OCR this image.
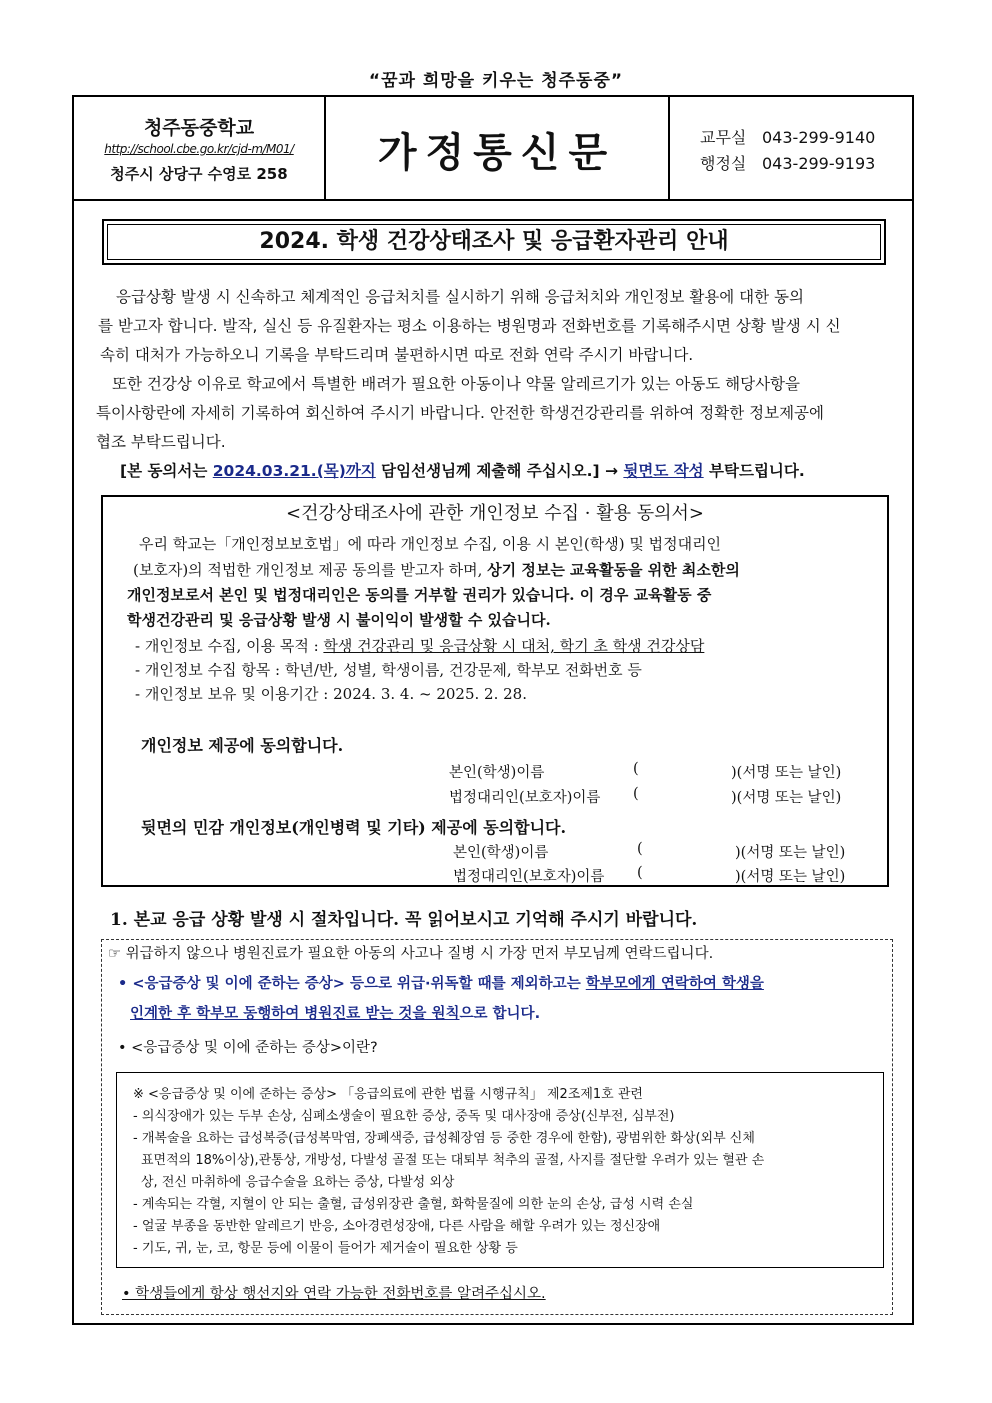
“꿈과 희망을 키우는 청주동중”
청주동중학교
http://school.cbe.go.kr/cjd-m/M01/
청주시 상당구 수영로 258	가정통신문	교무실 043-299-9140
행정실 043-299-9193
2024. 학생 건강상태조사 및 응급환자관리 안내
응급상황 발생 시 신속하고 체계적인 응급처치를 실시하기 위해 응급처치와 개인정보 활용에 대한 동의
를 받고자 합니다. 발작, 실신 등 유질환자는 평소 이용하는 병원명과 전화번호를 기록해주시면 상황 발생 시 신
속히 대처가 가능하오니 기록을 부탁드리며 불편하시면 따로 전화 연락 주시기 바랍니다.
또한 건강상 이유로 학교에서 특별한 배려가 필요한 아동이나 약물 알레르기가 있는 아동도 해당사항을
특이사항란에 자세히 기록하여 회신하여 주시기 바랍니다. 안전한 학생건강관리를 위하여 정확한 정보제공에
협조 부탁드립니다.
[본 동의서는 2024.03.21.(목)까지 담임선생님께 제출해 주십시오.] → 뒷면도 작성 부탁드립니다.
<건강상태조사에 관한 개인정보 수집 · 활용 동의서>
우리 학교는「개인정보보호법」에 따라 개인정보 수집, 이용 시 본인(학생) 및 법정대리인
(보호자)의 적법한 개인정보 제공 동의를 받고자 하며, 상기 정보는 교육활동을 위한 최소한의
개인정보로서 본인 및 법정대리인은 동의를 거부할 권리가 있습니다. 이 경우 교육활동 중
학생건강관리 및 응급상황 발생 시 불이익이 발생할 수 있습니다.
- 개인정보 수집, 이용 목적 : 학생 건강관리 및 응급상황 시 대처, 학기 초 학생 건강상담
- 개인정보 수집 항목 : 학년/반, 성별, 학생이름, 건강문제, 학부모 전화번호 등
- 개인정보 보유 및 이용기간 : 2024. 3. 4. ~ 2025. 2. 28.
개인정보 제공에 동의합니다.
본인(학생)이름	(	)(서명 또는 날인)
법정대리인(보호자)이름 (	)(서명 또는 날인)
뒷면의 민감 개인정보(개인병력 및 기타) 제공에 동의합니다.
본인(학생)이름	(	)(서명 또는 날인)
법정대리인(보호자)이름 (	)(서명 또는 날인)
1. 본교 응급 상황 발생 시 절차입니다. 꼭 읽어보시고 기억해 주시기 바랍니다.
☞ 위급하지 않으나 병원진료가 필요한 아동의 사고나 질병 시 가장 먼저 부모님께 연락드립니다.
• <응급증상 및 이에 준하는 증상> 등으로 위급·위독할 때를 제외하고는 학부모에게 연락하여 학생을
인계한 후 학부모 동행하여 병원진료 받는 것을 원칙으로 합니다.
• <응급증상 및 이에 준하는 증상>이란?
※ <응급증상 및 이에 준하는 증상> 「응급의료에 관한 법률 시행규칙」 제2조제1호 관련
- 의식장애가 있는 두부 손상, 심폐소생술이 필요한 증상, 중독 및 대사장애 증상(신부전, 심부전)
- 개복술을 요하는 급성복증(급성복막염, 장폐색증, 급성췌장염 등 중한 경우에 한함), 광범위한 화상(외부 신체
표면적의 18%이상),관통상, 개방성, 다발성 골절 또는 대퇴부 척추의 골절, 사지를 절단할 우려가 있는 혈관 손
상, 전신 마취하에 응급수술을 요하는 증상, 다발성 외상
- 계속되는 각혈, 지혈이 안 되는 출혈, 급성위장관 출혈, 화학물질에 의한 눈의 손상, 급성 시력 손실
- 얼굴 부종을 동반한 알레르기 반응, 소아경련성장애, 다른 사람을 해할 우려가 있는 정신장애
- 기도, 귀, 눈, 코, 항문 등에 이물이 들어가 제거술이 필요한 상황 등
• 학생들에게 항상 행선지와 연락 가능한 전화번호를 알려주십시오.
